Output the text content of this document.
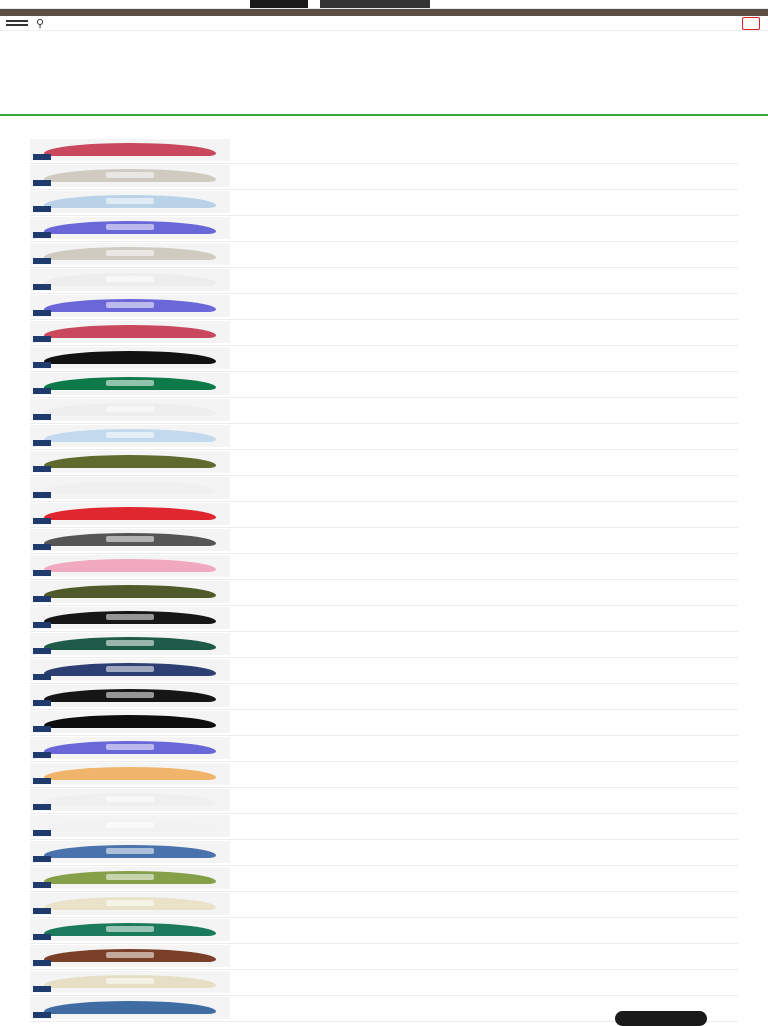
⚲
